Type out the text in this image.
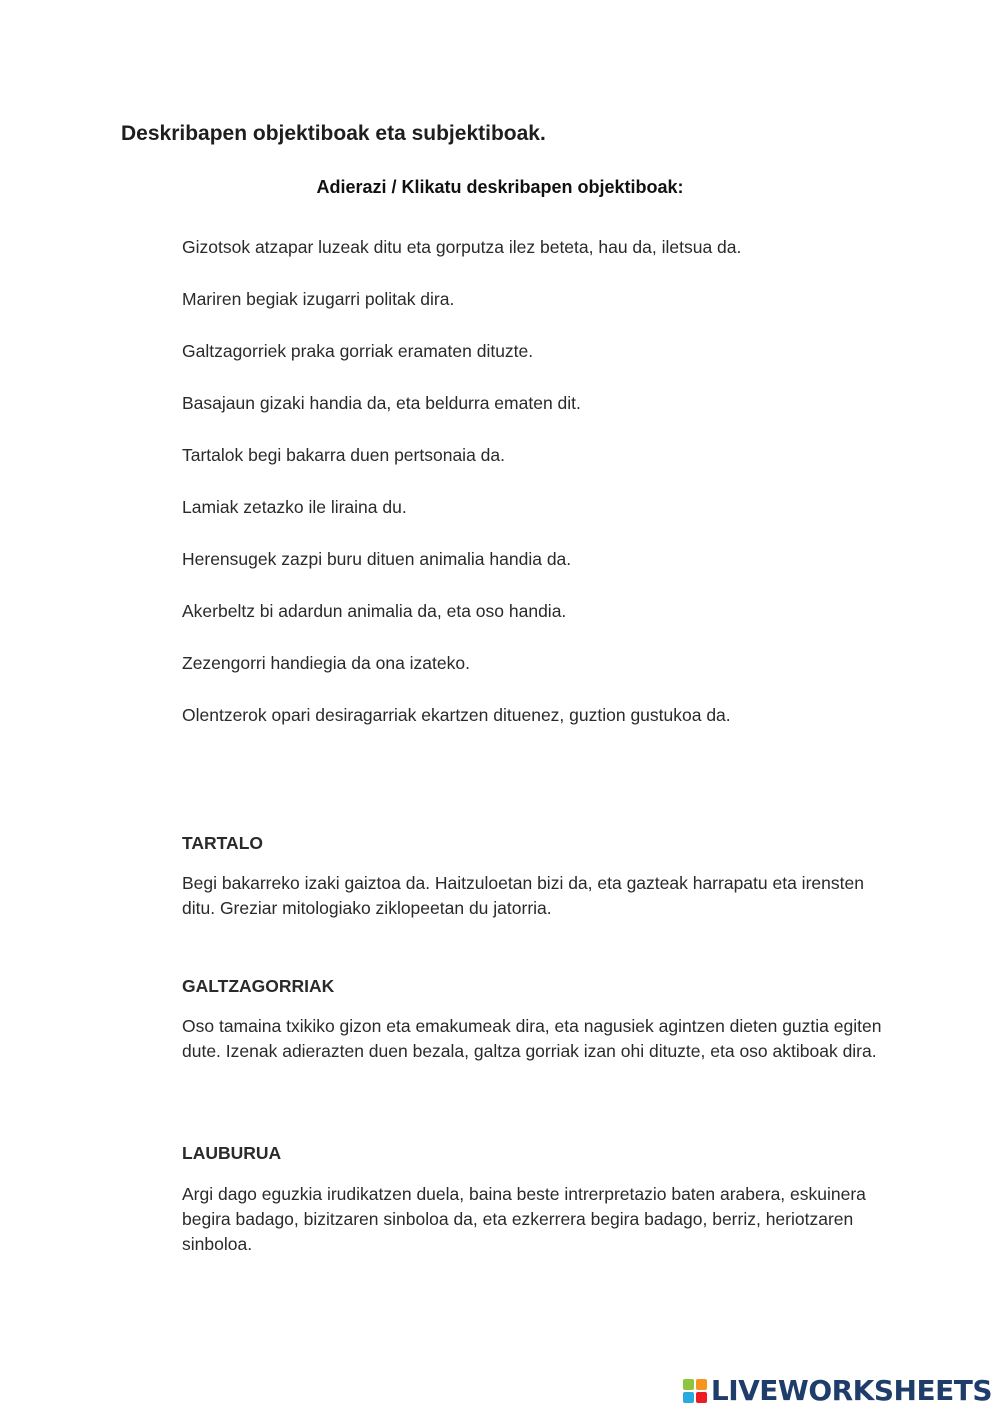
Deskribapen objektiboak eta subjektiboak.
Adierazi / Klikatu deskribapen objektiboak:
Gizotsok atzapar luzeak ditu eta gorputza ilez beteta, hau da, iletsua da.
Mariren begiak izugarri politak dira.
Galtzagorriek praka gorriak eramaten dituzte.
Basajaun gizaki handia da, eta beldurra ematen dit.
Tartalok begi bakarra duen pertsonaia da.
Lamiak zetazko ile liraina du.
Herensugek zazpi buru dituen animalia handia da.
Akerbeltz bi adardun animalia da, eta oso handia.
Zezengorri handiegia da ona izateko.
Olentzerok opari desiragarriak ekartzen dituenez, guztion gustukoa da.
TARTALO

Begi bakarreko izaki gaiztoa da. Haitzuloetan bizi da, eta gazteak harrapatu eta irensten ditu. Greziar mitologiako ziklopeetan du jatorria.

GALTZAGORRIAK

Oso tamaina txikiko gizon eta emakumeak dira, eta nagusiek agintzen dieten guztia egiten dute. Izenak adierazten duen bezala, galtza gorriak izan ohi dituzte, eta oso aktiboak dira.

LAUBURUA

Argi dago eguzkia irudikatzen duela, baina beste intrerpretazio baten arabera, eskuinera begira badago, bizitzaren sinboloa da, eta ezkerrera begira badago, berriz, heriotzaren sinboloa.

LIVEWORKSHEETS
